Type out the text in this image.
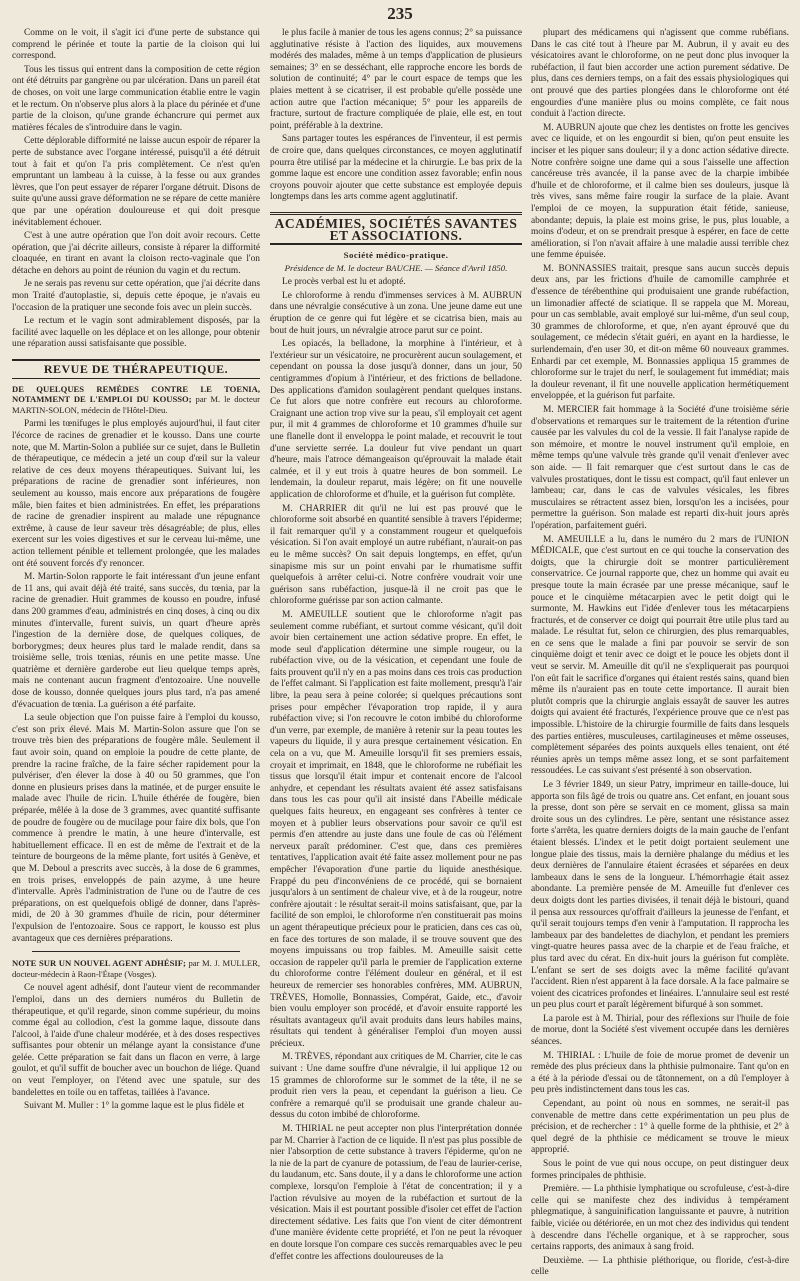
235

Comme on le voit, il s'agit ici d'une perte de substance qui comprend le périnée et toute la partie de la cloison qui lui correspond.

Tous les tissus qui entrent dans la composition de cette région ont été détruits par gangrène ou par ulcération. Dans un pareil état de choses, on voit une large communication établie entre le vagin et le rectum. On n'observe plus alors à la place du périnée et d'une partie de la cloison, qu'une grande échancrure qui permet aux matières fécales de s'introduire dans le vagin.

Cette déplorable difformité ne laisse aucun espoir de réparer la perte de substance avec l'organe intéressé, puisqu'il a été détruit tout à fait et qu'on l'a pris complètement. Ce n'est qu'en empruntant un lambeau à la cuisse, à la fesse ou aux grandes lèvres, que l'on peut essayer de réparer l'organe détruit. Disons de suite qu'une aussi grave déformation ne se répare de cette manière que par une opération douloureuse et qui doit presque inévitablement échouer.

C'est à une autre opération que l'on doit avoir recours. Cette opération, que j'ai décrite ailleurs, consiste à réparer la difformité cloaquée, en tirant en avant la cloison recto-vaginale que l'on détache en dehors au point de réunion du vagin et du rectum.

Je ne serais pas revenu sur cette opération, que j'ai décrite dans mon Traité d'autoplastie, si, depuis cette époque, je n'avais eu l'occasion de la pratiquer une seconde fois avec un plein succès.

Le rectum et le vagin sont admirablement disposés, par la facilité avec laquelle on les déplace et on les allonge, pour obtenir une réparation aussi satisfaisante que possible.

REVUE DE THÉRAPEUTIQUE.

DE QUELQUES REMÈDES CONTRE LE TOENIA, NOTAMMENT DE L'EMPLOI DU KOUSSO; par M. le docteur MARTIN-SOLON, médecin de l'Hôtel-Dieu.

Parmi les tœnifuges le plus employés aujourd'hui, il faut citer l'écorce de racines de grenadier et le kousso. Dans une courte note, que M. Martin-Solon a publiée sur ce sujet, dans le Bulletin de thérapeutique, ce médecin a jeté un coup d'œil sur la valeur relative de ces deux moyens thérapeutiques. Suivant lui, les préparations de racine de grenadier sont inférieures, non seulement au kousso, mais encore aux préparations de fougère mâle, bien faites et bien administrées. En effet, les préparations de racine de grenadier inspirent au malade une répugnance extrême, à cause de leur saveur très désagréable; de plus, elles exercent sur les voies digestives et sur le cerveau lui-même, une action tellement pénible et tellement prolongée, que les malades ont été souvent forcés d'y renoncer.

M. Martin-Solon rapporte le fait intéressant d'un jeune enfant de 11 ans, qui avait déjà été traité, sans succès, du tœnia, par la racine de grenadier. Huit grammes de kousso en poudre, infusé dans 200 grammes d'eau, administrés en cinq doses, à cinq ou dix minutes d'intervalle, furent suivis, un quart d'heure après l'ingestion de la dernière dose, de quelques coliques, de borborygmes; deux heures plus tard le malade rendit, dans sa troisième selle, trois tœnias, réunis en une petite masse. Une quatrième et dernière garderobe eut lieu quelque temps après, mais ne contenant aucun fragment d'entozoaire. Une nouvelle dose de kousso, donnée quelques jours plus tard, n'a pas amené d'évacuation de tœnia. La guérison a été parfaite.

La seule objection que l'on puisse faire à l'emploi du kousso, c'est son prix élevé. Mais M. Martin-Solon assure que l'on se trouve très bien des préparations de fougère mâle. Seulement il faut avoir soin, quand on emploie la poudre de cette plante, de prendre la racine fraîche, de la faire sécher rapidement pour la pulvériser, d'en élever la dose à 40 ou 50 grammes, que l'on donne en plusieurs prises dans la matinée, et de purger ensuite le malade avec l'huile de ricin. L'huile éthérée de fougère, bien préparée, mêlée à la dose de 3 grammes, avec quantité suffisante de poudre de fougère ou de mucilage pour faire dix bols, que l'on commence à prendre le matin, à une heure d'intervalle, est habituellement efficace. Il en est de même de l'extrait et de la teinture de bourgeons de la même plante, fort usités à Genève, et que M. Deboul a prescrits avec succès, à la dose de 6 grammes, en trois prises, enveloppés de pain azyme, à une heure d'intervalle. Après l'administration de l'une ou de l'autre de ces préparations, on est quelquefois obligé de donner, dans l'après-midi, de 20 à 30 grammes d'huile de ricin, pour déterminer l'expulsion de l'entozoaire. Sous ce rapport, le kousso est plus avantageux que ces dernières préparations.

NOTE SUR UN NOUVEL AGENT ADHÉSIF; par M. J. MULLER, docteur-médecin à Raon-l'Étape (Vosges).

Ce nouvel agent adhésif, dont l'auteur vient de recommander l'emploi, dans un des derniers numéros du Bulletin de thérapeutique, et qu'il regarde, sinon comme supérieur, du moins comme égal au collodion, c'est la gomme laque, dissoute dans l'alcool, à l'aide d'une chaleur modérée, et à des doses respectives suffisantes pour obtenir un mélange ayant la consistance d'une gelée. Cette préparation se fait dans un flacon en verre, à large goulot, et qu'il suffit de boucher avec un bouchon de liége. Quand on veut l'employer, on l'étend avec une spatule, sur des bandelettes en toile ou en taffetas, taillées à l'avance.

Suivant M. Muller : 1° la gomme laque est le plus fidèle et

le plus facile à manier de tous les agens connus; 2° sa puissance agglutinative résiste à l'action des liquides, aux mouvemens modérés des malades, même à un temps d'application de plusieurs semaines; 3° en se desséchant, elle rapproche encore les bords de solution de continuité; 4° par le court espace de temps que les plaies mettent à se cicatriser, il est probable qu'elle possède une action autre que l'action mécanique; 5° pour les appareils de fracture, surtout de fracture compliquée de plaie, elle est, en tout point, préférable à la dextrine.

Sans partager toutes les espérances de l'inventeur, il est permis de croire que, dans quelques circonstances, ce moyen agglutinatif pourra être utilisé par la médecine et la chirurgie. Le bas prix de la gomme laque est encore une condition assez favorable; enfin nous croyons pouvoir ajouter que cette substance est employée depuis longtemps dans les arts comme agent agglutinatif.

ACADÉMIES, SOCIÉTÉS SAVANTES ET ASSOCIATIONS.
Société médico-pratique.
Présidence de M. le docteur BAUCHE. — Séance d'Avril 1850.

Le procès verbal est lu et adopté.

Le chloroforme à rendu d'immenses services à M. AUBRUN dans une névralgie consécutive à un zona. Une jeune dame eut une éruption de ce genre qui fut légère et se cicatrisa bien, mais au bout de huit jours, un névralgie atroce parut sur ce point.

Les opiacés, la belladone, la morphine à l'intérieur, et à l'extérieur sur un vésicatoire, ne procurèrent aucun soulagement, et cependant on poussa la dose jusqu'à donner, dans un jour, 50 centigrammes d'opium à l'intérieur, et des frictions de belladone. Des applications d'amidon soulagèrent pendant quelques instans. Ce fut alors que notre confrère eut recours au chloroforme. Craignant une action trop vive sur la peau, s'il employait cet agent pur, il mit 4 grammes de chloroforme et 10 grammes d'huile sur une flanelle dont il enveloppa le point malade, et recouvrit le tout d'une serviette serrée. La douleur fut vive pendant un quart d'heure, mais l'atroce démangeaison qu'éprouvait la malade était calmée, et il y eut trois à quatre heures de bon sommeil. Le lendemain, la douleur reparut, mais légère; on fit une nouvelle application de chloroforme et d'huile, et la guérison fut complète.

M. CHARRIER dit qu'il ne lui est pas prouvé que le chloroforme soit absorbé en quantité sensible à travers l'épiderme; il fait remarquer qu'il y a constamment rougeur et quelquefois vésication. Si l'on avait employé un autre rubéfiant, n'aurait-on pas eu le même succès? On sait depuis longtemps, en effet, qu'un sinapisme mis sur un point envahi par le rhumatisme suffit quelquefois à arrêter celui-ci. Notre confrère voudrait voir une guérison sans rubéfaction, jusque-là il ne croit pas que le chloroforme guérisse par son action calmante.

M. AMEUILLE soutient que le chloroforme n'agit pas seulement comme rubéfiant, et surtout comme vésicant, qu'il doit avoir bien certainement une action sédative propre. En effet, le mode seul d'application détermine une simple rougeur, ou la rubéfaction vive, ou de la vésication, et cependant une foule de faits prouvent qu'il n'y en a pas moins dans ces trois cas production de l'effet calmant. Si l'application est faite mollement, presqu'à l'air libre, la peau sera à peine colorée; si quelques précautions sont prises pour empêcher l'évaporation trop rapide, il y aura rubéfaction vive; si l'on recouvre le coton imbibé du chloroforme d'un verre, par exemple, de manière à retenir sur la peau toutes les vapeurs du liquide, il y aura presque certainement vésication. En cela on a vu, que M. Ameuille lorsqu'il fit ses premiers essais, croyait et imprimait, en 1848, que le chloroforme ne rubéfiait les tissus que lorsqu'il était impur et contenait encore de l'alcool anhydre, et cependant les résultats avaient été assez satisfaisans dans tous les cas pour qu'il ait insisté dans l'Abeille médicale quelques faits heureux, en engageant ses confrères à tenter ce moyen et à publier leurs observations pour savoir ce qu'il est permis d'en attendre au juste dans une foule de cas où l'élément nerveux paraît prédominer. C'est que, dans ces premières tentatives, l'application avait été faite assez mollement pour ne pas empêcher l'évaporation d'une partie du liquide anesthésique. Frappé du peu d'inconvéniens de ce procédé, qui se bornaient jusqu'alors à un sentiment de chaleur vive, et à de la rougeur, notre confrère ajoutait : le résultat serait-il moins satisfaisant, que, par la facilité de son emploi, le chloroforme n'en constituerait pas moins un agent thérapeutique précieux pour le praticien, dans ces cas où, en face des tortures de son malade, il se trouve souvent que des moyens impuissans ou trop faibles. M. Ameuille saisit cette occasion de rappeler qu'il parla le premier de l'application externe du chloroforme contre l'élément douleur en général, et il est heureux de remercier ses honorables confrères, MM. AUBRUN, TRÈVES, Homolle, Bonnassies, Compérat, Gaide, etc., d'avoir bien voulu employer son procédé, et d'avoir ensuite rapporté les résultats avantageux qu'il avait produits dans leurs habiles mains, résultats qui tendent à généraliser l'emploi d'un moyen aussi précieux.

M. TRÈVES, répondant aux critiques de M. Charrier, cite le cas suivant : Une dame souffre d'une névralgie, il lui applique 12 ou 15 grammes de chloroforme sur le sommet de la tête, il ne se produit rien vers la peau, et cependant la guérison a lieu. Ce confrère a remarqué qu'il se produisait une grande chaleur au-dessus du coton imbibé de chloroforme.

M. THIRIAL ne peut accepter non plus l'interprétation donnée par M. Charrier à l'action de ce liquide. Il n'est pas plus possible de nier l'absorption de cette substance à travers l'épiderme, qu'on ne la nie de la part de cyanure de potassium, de l'eau de laurier-cerise, du laudanum, etc. Sans doute, il y a dans le chloroforme une action complexe, lorsqu'on l'emploie à l'état de concentration; il y a l'action révulsive au moyen de la rubéfaction et surtout de la vésication. Mais il est pourtant possible d'isoler cet effet de l'action directement sédative. Les faits que l'on vient de citer démontrent d'une manière évidente cette propriété, et l'on ne peut la révoquer en doute lorsque l'on compare ces succès remarquables avec le peu d'effet contre les affections douloureuses de la

plupart des médicamens qui n'agissent que comme rubéfians. Dans le cas cité tout à l'heure par M. Aubrun, il y avait eu des vésicatoires avant le chloroforme, on ne peut donc plus invoquer la rubéfaction, il faut bien accorder une action purement sédative. De plus, dans ces derniers temps, on a fait des essais physiologiques qui ont prouvé que des parties plongées dans le chloroforme ont été engourdies d'une manière plus ou moins complète, ce fait nous conduit à l'action directe.

M. AUBRUN ajoute que chez les dentistes on frotte les gencives avec ce liquide, et on les engourdit si bien, qu'on peut ensuite les inciser et les piquer sans douleur; il y a donc action sédative directe. Notre confrère soigne une dame qui a sous l'aisselle une affection cancéreuse très avancée, il la panse avec de la charpie imbibée d'huile et de chloroforme, et il calme bien ses douleurs, jusque là très vives, sans même faire rougir la surface de la plaie. Avant l'emploi de ce moyen, la suppuration était fétide, sanieuse, abondante; depuis, la plaie est moins grise, le pus, plus louable, a moins d'odeur, et on se prendrait presque à espérer, en face de cette amélioration, si l'on n'avait affaire à une maladie aussi terrible chez une femme épuisée.

M. BONNASSIES traitait, presque sans aucun succès depuis deux ans, par les frictions d'huile de camomille camphrée et d'essence de térébenthine qui produisaient une grande rubéfaction, un limonadier affecté de sciatique. Il se rappela que M. Moreau, pour un cas semblable, avait employé sur lui-même, d'un seul coup, 30 grammes de chloroforme, et que, n'en ayant éprouvé que du soulagement, ce médecin s'était guéri, en ayant en la hardiesse, le surlendemain, d'en user 30, et dit-on même 60 nouveaux grammes. Enhardi par cet exemple, M. Bonnassies appliqua 15 grammes de chloroforme sur le trajet du nerf, le soulagement fut immédiat; mais la douleur revenant, il fit une nouvelle application hermétiquement enveloppée, et la guérison fut parfaite.

M. MERCIER fait hommage à la Société d'une troisième série d'observations et remarques sur le traitement de la rétention d'urine causée par les valvules du col de la vessie. Il fait l'analyse rapide de son mémoire, et montre le nouvel instrument qu'il emploie, en même temps qu'une valvule très grande qu'il venait d'enlever avec son aide. — Il fait remarquer que c'est surtout dans le cas de valvules prostatiques, dont le tissu est compact, qu'il faut enlever un lambeau; car, dans le cas de valvules vésicales, les fibres musculaires se rétractent assez bien, lorsqu'on les a incisées, pour permettre la guérison. Son malade est reparti dix-huit jours après l'opération, parfaitement guéri.

M. AMEUILLE a lu, dans le numéro du 2 mars de l'UNION MÉDICALE, que c'est surtout en ce qui touche la conservation des doigts, que la chirurgie doit se montrer particulièrement conservatrice. Ce journal rapporte que, chez un homme qui avait eu presque toute la main écrasée par une presse mécanique, sauf le pouce et le cinquième métacarpien avec le petit doigt qui le surmonte, M. Hawkins eut l'idée d'enlever tous les métacarpiens fracturés, et de conserver ce doigt qui pourrait être utile plus tard au malade. Le résultat fut, selon ce chirurgien, des plus remarquables, en ce sens que le malade a fini par pouvoir se servir de son cinquième doigt et tenir avec ce doigt et le pouce les objets dont il veut se servir. M. Ameuille dit qu'il ne s'expliquerait pas pourquoi l'on eût fait le sacrifice d'organes qui étaient restés sains, quand bien même ils n'auraient pas en toute cette importance. Il aurait bien plutôt compris que la chirurgie anglais essayât de sauver les autres doigts qui avaient été fracturés, l'expérience prouve que ce n'est pas impossible. L'histoire de la chirurgie fourmille de faits dans lesquels des parties entières, musculeuses, cartilagineuses et même osseuses, complètement séparées des points auxquels elles tenaient, ont été réunies après un temps même assez long, et se sont parfaitement ressoudées. Le cas suivant s'est présenté à son observation.

Le 3 février 1849, un sieur Patry, imprimeur en taille-douce, lui apporta son fils âgé de trois ou quatre ans. Cet enfant, en jouant sous la presse, dont son père se servait en ce moment, glissa sa main droite sous un des cylindres. Le père, sentant une résistance assez forte s'arrêta, les quatre derniers doigts de la main gauche de l'enfant étaient blessés. L'index et le petit doigt portaient seulement une longue plaie des tissus, mais la dernière phalange du médius et les deux dernières de l'annulaire étaient écrasées et séparées en deux lambeaux dans le sens de la longueur. L'hémorrhagie était assez abondante. La première pensée de M. Ameuille fut d'enlever ces deux doigts dont les parties divisées, il tenait déjà le bistouri, quand il pensa aux ressources qu'offrait d'ailleurs la jeunesse de l'enfant, et qu'il serait toujours temps d'en venir à l'amputation. Il rapprocha les lambeaux par des bandelettes de diachylon, et pendant les premiers vingt-quatre heures passa avec de la charpie et de l'eau fraîche, et plus tard avec du cérat. En dix-huit jours la guérison fut complète. L'enfant se sert de ses doigts avec la même facilité qu'avant l'accident. Rien n'est apparent à la face dorsale. A la face palmaire se voient des cicatrices profondes et linéaires. L'annulaire seul est resté un peu plus court et paraît légèrement bifurqué à son sommet.

La parole est à M. Thirial, pour des réflexions sur l'huile de foie de morue, dont la Société s'est vivement occupée dans les dernières séances.

M. THIRIAL : L'huile de foie de morue promet de devenir un remède des plus précieux dans la phthisie pulmonaire. Tant qu'on en a été à la période d'essai ou de tâtonnement, on a dû l'employer à peu près indistinctement dans tous les cas.

Cependant, au point où nous en sommes, ne serait-il pas convenable de mettre dans cette expérimentation un peu plus de précision, et de rechercher : 1° à quelle forme de la phthisie, et 2° à quel degré de la phthisie ce médicament se trouve le mieux approprié.

Sous le point de vue qui nous occupe, on peut distinguer deux formes principales de phthisie.

Première. — La phthisie lymphatique ou scrofuleuse, c'est-à-dire celle qui se manifeste chez des individus à tempérament phlegmatique, à sanguinification languissante et pauvre, à nutrition faible, viciée ou détériorée, en un mot chez des individus qui tendent à descendre dans l'échelle organique, et à se rapprocher, sous certains rapports, des animaux à sang froid.

Deuxième. — La phthisie pléthorique, ou floride, c'est-à-dire celle
